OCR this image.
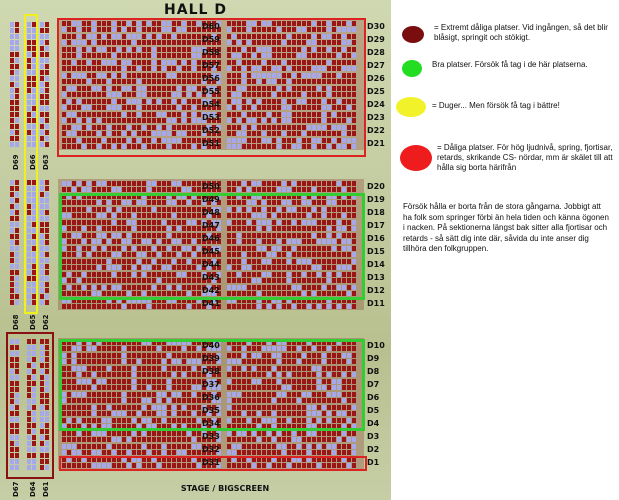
HALL D
STAGE / BIGSCREEN
D60	D30
D59	D29
D58	D28
D57	D27
D56	D26
D55	D25
D54	D24
D53	D23
D52	D22
D51	D21
D50	D20
D49	D19
D48	D18
D47	D17
D46	D16
D45	D15
D44	D14
D43	D13
D42	D12
D41	D11
D40	D10
D39	D9
D38	D8
D37	D7
D36	D6
D35	D5
D34	D4
D33	D3
D32	D2
D31	D1
D69 D66 D63
D68 D65 D62
D67 D64 D61
= Extremt dåliga platser. Vid ingången, så det blir blåsigt, springit och stökigt.
Bra platser. Försök få tag i de här platserna.
= Duger... Men försök få tag i bättre!
= Dåliga platser. För hög ljudnivå, spring, fjortisar, retards, skrikande CS- nördar, mm är skälet till att hålla sig borta härifrån
Försök hålla er borta från de stora gångarna. Jobbigt att ha folk som springer förbi än hela tiden och känna ögonen i nacken. På sektionerna längst bak sitter alla fjortisar och retards - så sätt dig inte där, såvida du inte anser dig tillhöra den folkgruppen.
